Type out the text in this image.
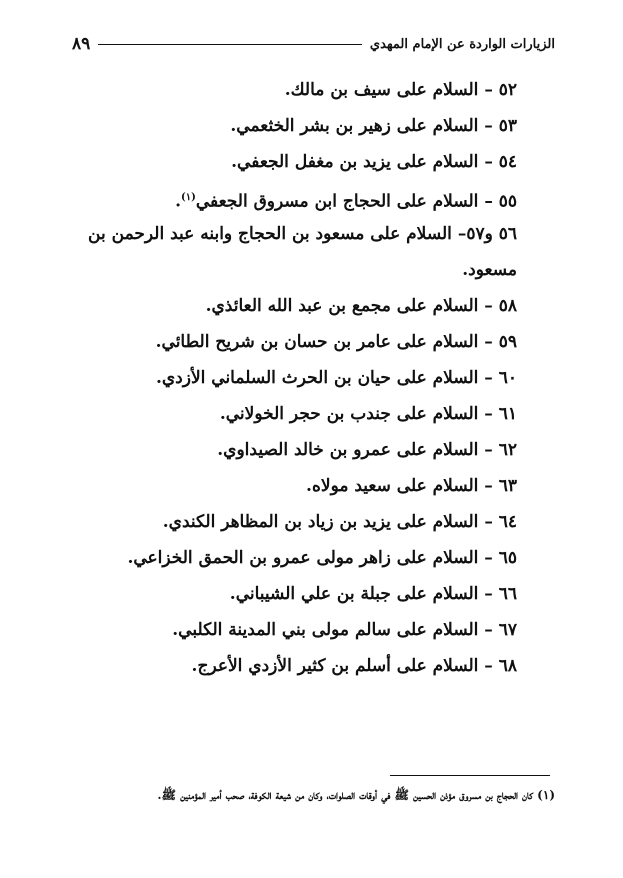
الزيارات الواردة عن الإمام المهدي
٨٩
٥٢ – السلام على سيف بن مالك.
٥٣ – السلام على زهير بن بشر الخثعمي.
٥٤ – السلام على يزيد بن مغفل الجعفي.
٥٥ – السلام على الحجاج ابن مسروق الجعفي$^{(١)}$.
٥٦ و٥٧– السلام على مسعود بن الحجاج وابنه عبد الرحمن بن مسعود.
٥٨ – السلام على مجمع بن عبد الله العائذي.
٥٩ – السلام على عامر بن حسان بن شريح الطائي.
٦٠ – السلام على حيان بن الحرث السلماني الأزدي.
٦١ – السلام على جندب بن حجر الخولاني.
٦٢ – السلام على عمرو بن خالد الصيداوي.
٦٣ – السلام على سعيد مولاه.
٦٤ – السلام على يزيد بن زياد بن المظاهر الكندي.
٦٥ – السلام على زاهر مولى عمرو بن الحمق الخزاعي.
٦٦ – السلام على جبلة بن علي الشيباني.
٦٧ – السلام على سالم مولى بني المدينة الكلبي.
٦٨ – السلام على أسلم بن كثير الأزدي الأعرج.
(١) كان الحجاج بن مسروق مؤذن الحسين ﷺ في أوقات الصلوات، وكان من شيعة الكوفة، صحب أمير المؤمنين ﷺ.
